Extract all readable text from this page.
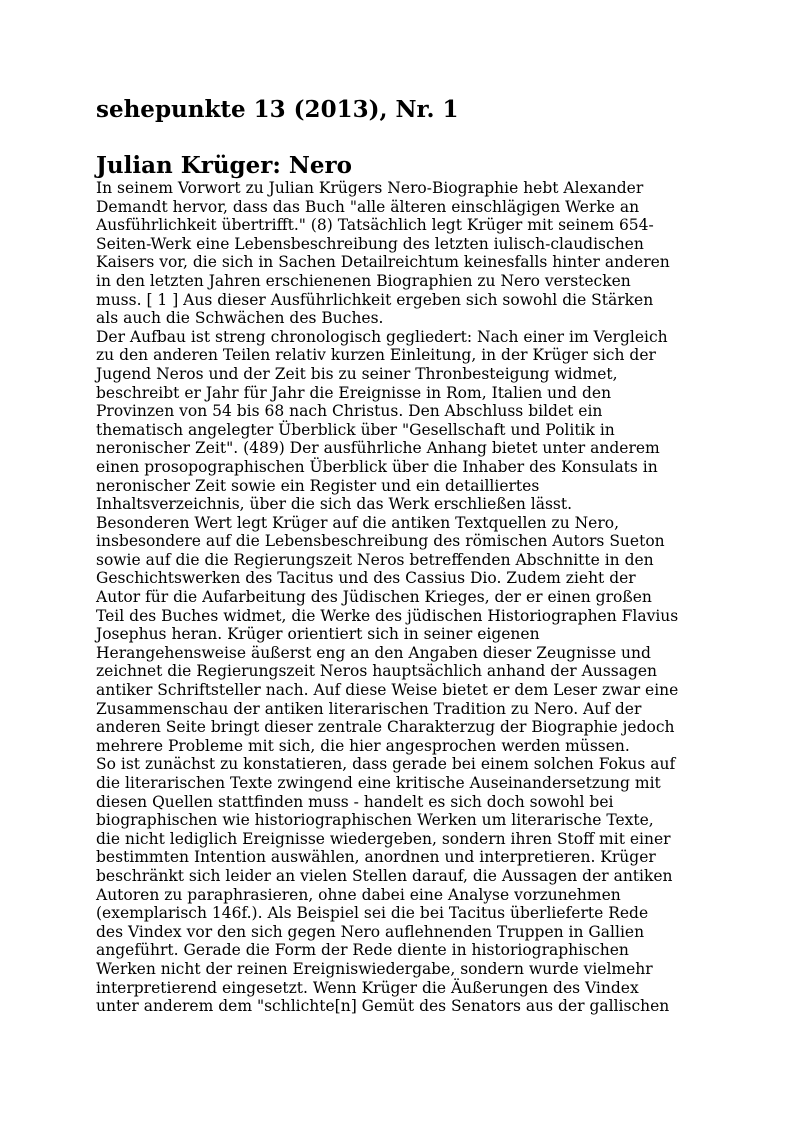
sehepunkte 13 (2013), Nr. 1
Julian Krüger: Nero
In seinem Vorwort zu Julian Krügers Nero-Biographie hebt Alexander
Demandt hervor, dass das Buch "alle älteren einschlägigen Werke an
Ausführlichkeit übertrifft." (8) Tatsächlich legt Krüger mit seinem 654-
Seiten-Werk eine Lebensbeschreibung des letzten iulisch-claudischen
Kaisers vor, die sich in Sachen Detailreichtum keinesfalls hinter anderen
in den letzten Jahren erschienenen Biographien zu Nero verstecken
muss. [ 1 ] Aus dieser Ausführlichkeit ergeben sich sowohl die Stärken
als auch die Schwächen des Buches.
Der Aufbau ist streng chronologisch gegliedert: Nach einer im Vergleich
zu den anderen Teilen relativ kurzen Einleitung, in der Krüger sich der
Jugend Neros und der Zeit bis zu seiner Thronbesteigung widmet,
beschreibt er Jahr für Jahr die Ereignisse in Rom, Italien und den
Provinzen von 54 bis 68 nach Christus. Den Abschluss bildet ein
thematisch angelegter Überblick über "Gesellschaft und Politik in
neronischer Zeit". (489) Der ausführliche Anhang bietet unter anderem
einen prosopographischen Überblick über die Inhaber des Konsulats in
neronischer Zeit sowie ein Register und ein detailliertes
Inhaltsverzeichnis, über die sich das Werk erschließen lässt.
Besonderen Wert legt Krüger auf die antiken Textquellen zu Nero,
insbesondere auf die Lebensbeschreibung des römischen Autors Sueton
sowie auf die die Regierungszeit Neros betreffenden Abschnitte in den
Geschichtswerken des Tacitus und des Cassius Dio. Zudem zieht der
Autor für die Aufarbeitung des Jüdischen Krieges, der er einen großen
Teil des Buches widmet, die Werke des jüdischen Historiographen Flavius
Josephus heran. Krüger orientiert sich in seiner eigenen
Herangehensweise äußerst eng an den Angaben dieser Zeugnisse und
zeichnet die Regierungszeit Neros hauptsächlich anhand der Aussagen
antiker Schriftsteller nach. Auf diese Weise bietet er dem Leser zwar eine
Zusammenschau der antiken literarischen Tradition zu Nero. Auf der
anderen Seite bringt dieser zentrale Charakterzug der Biographie jedoch
mehrere Probleme mit sich, die hier angesprochen werden müssen.
So ist zunächst zu konstatieren, dass gerade bei einem solchen Fokus auf
die literarischen Texte zwingend eine kritische Auseinandersetzung mit
diesen Quellen stattfinden muss - handelt es sich doch sowohl bei
biographischen wie historiographischen Werken um literarische Texte,
die nicht lediglich Ereignisse wiedergeben, sondern ihren Stoff mit einer
bestimmten Intention auswählen, anordnen und interpretieren. Krüger
beschränkt sich leider an vielen Stellen darauf, die Aussagen der antiken
Autoren zu paraphrasieren, ohne dabei eine Analyse vorzunehmen
(exemplarisch 146f.). Als Beispiel sei die bei Tacitus überlieferte Rede
des Vindex vor den sich gegen Nero auflehnenden Truppen in Gallien
angeführt. Gerade die Form der Rede diente in historiographischen
Werken nicht der reinen Ereigniswiedergabe, sondern wurde vielmehr
interpretierend eingesetzt. Wenn Krüger die Äußerungen des Vindex
unter anderem dem "schlichte[n] Gemüt des Senators aus der gallischen
